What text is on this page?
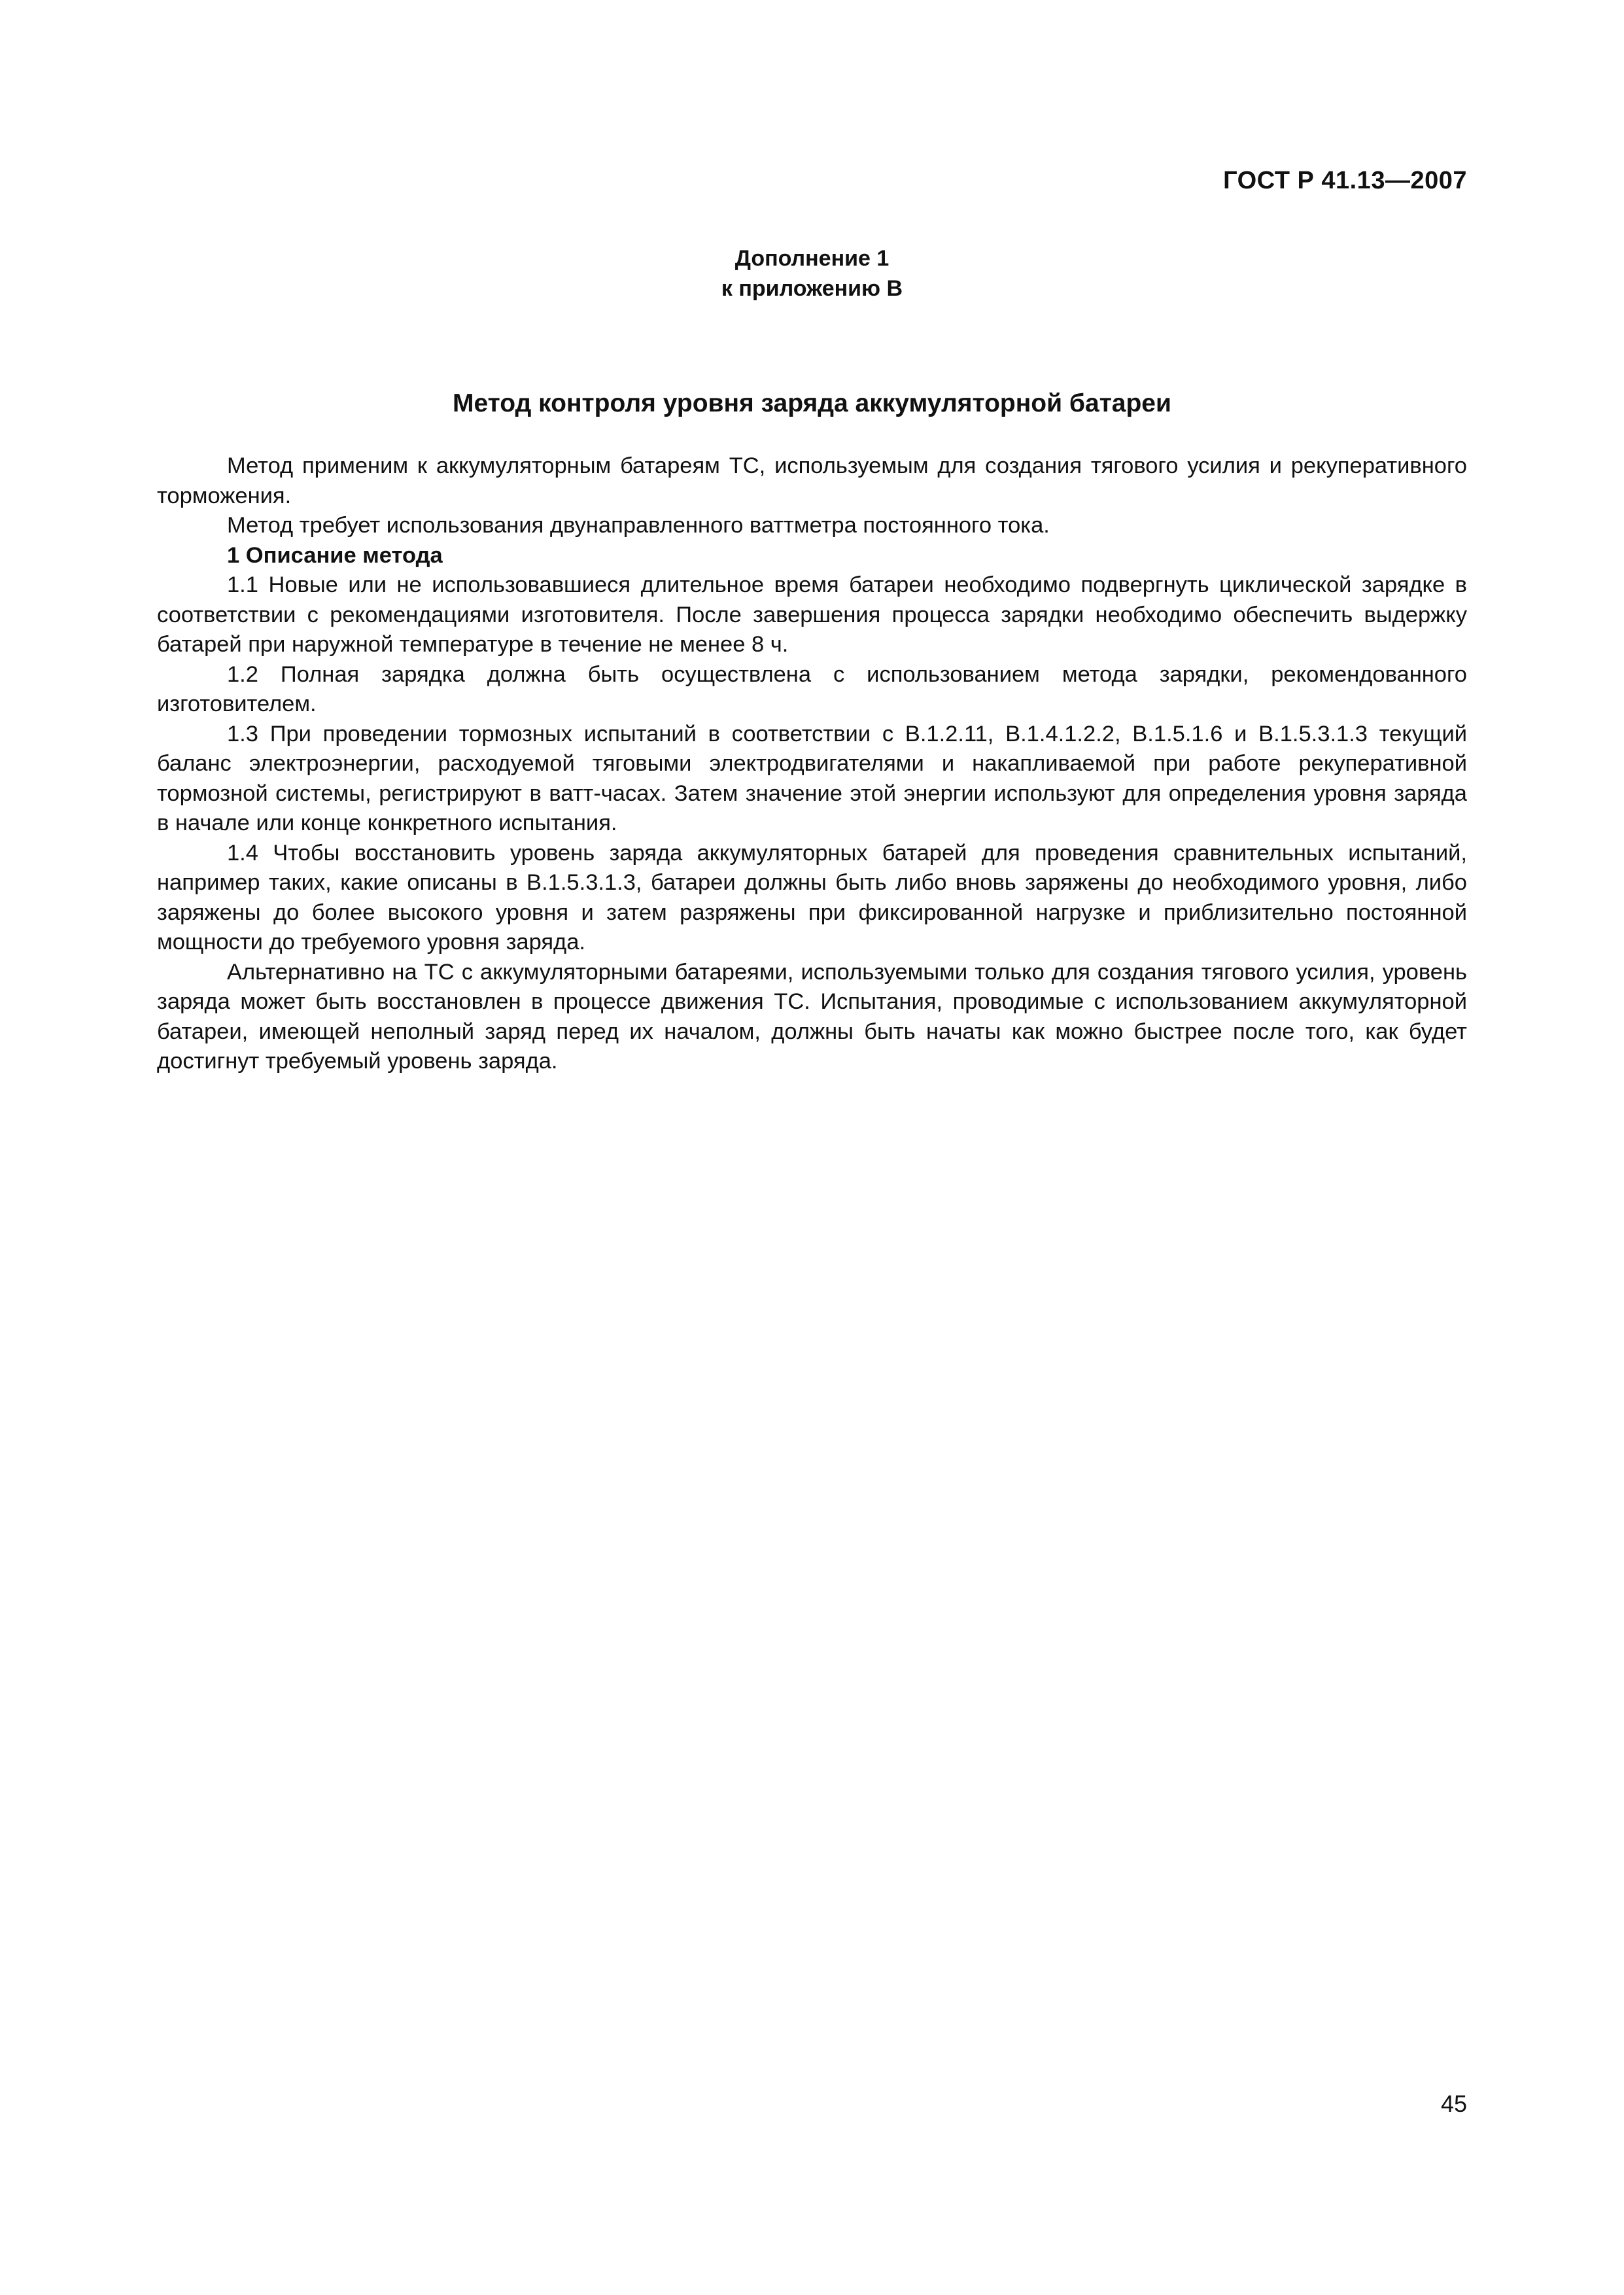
ГОСТ Р 41.13—2007
Дополнение 1
к приложению В
Метод контроля уровня заряда аккумуляторной батареи

Метод применим к аккумуляторным батареям ТС, используемым для создания тягового усилия и рекуперативного торможения.

Метод требует использования двунаправленного ваттметра постоянного тока.

1 Описание метода

1.1 Новые или не использовавшиеся длительное время батареи необходимо подвергнуть циклической зарядке в соответствии с рекомендациями изготовителя. После завершения процесса зарядки необходимо обеспечить выдержку батарей при наружной температуре в течение не менее 8 ч.

1.2 Полная зарядка должна быть осуществлена с использованием метода зарядки, рекомендованного изготовителем.

1.3 При проведении тормозных испытаний в соответствии с В.1.2.11, В.1.4.1.2.2, В.1.5.1.6 и В.1.5.3.1.3 текущий баланс электроэнергии, расходуемой тяговыми электродвигателями и накапливаемой при работе рекуперативной тормозной системы, регистрируют в ватт-часах. Затем значение этой энергии используют для определения уровня заряда в начале или конце конкретного испытания.

1.4 Чтобы восстановить уровень заряда аккумуляторных батарей для проведения сравнительных испытаний, например таких, какие описаны в В.1.5.3.1.3, батареи должны быть либо вновь заряжены до необходимого уровня, либо заряжены до более высокого уровня и затем разряжены при фиксированной нагрузке и приблизительно постоянной мощности до требуемого уровня заряда.

Альтернативно на ТС с аккумуляторными батареями, используемыми только для создания тягового усилия, уровень заряда может быть восстановлен в процессе движения ТС. Испытания, проводимые с использованием аккумуляторной батареи, имеющей неполный заряд перед их началом, должны быть начаты как можно быстрее после того, как будет достигнут требуемый уровень заряда.

45
